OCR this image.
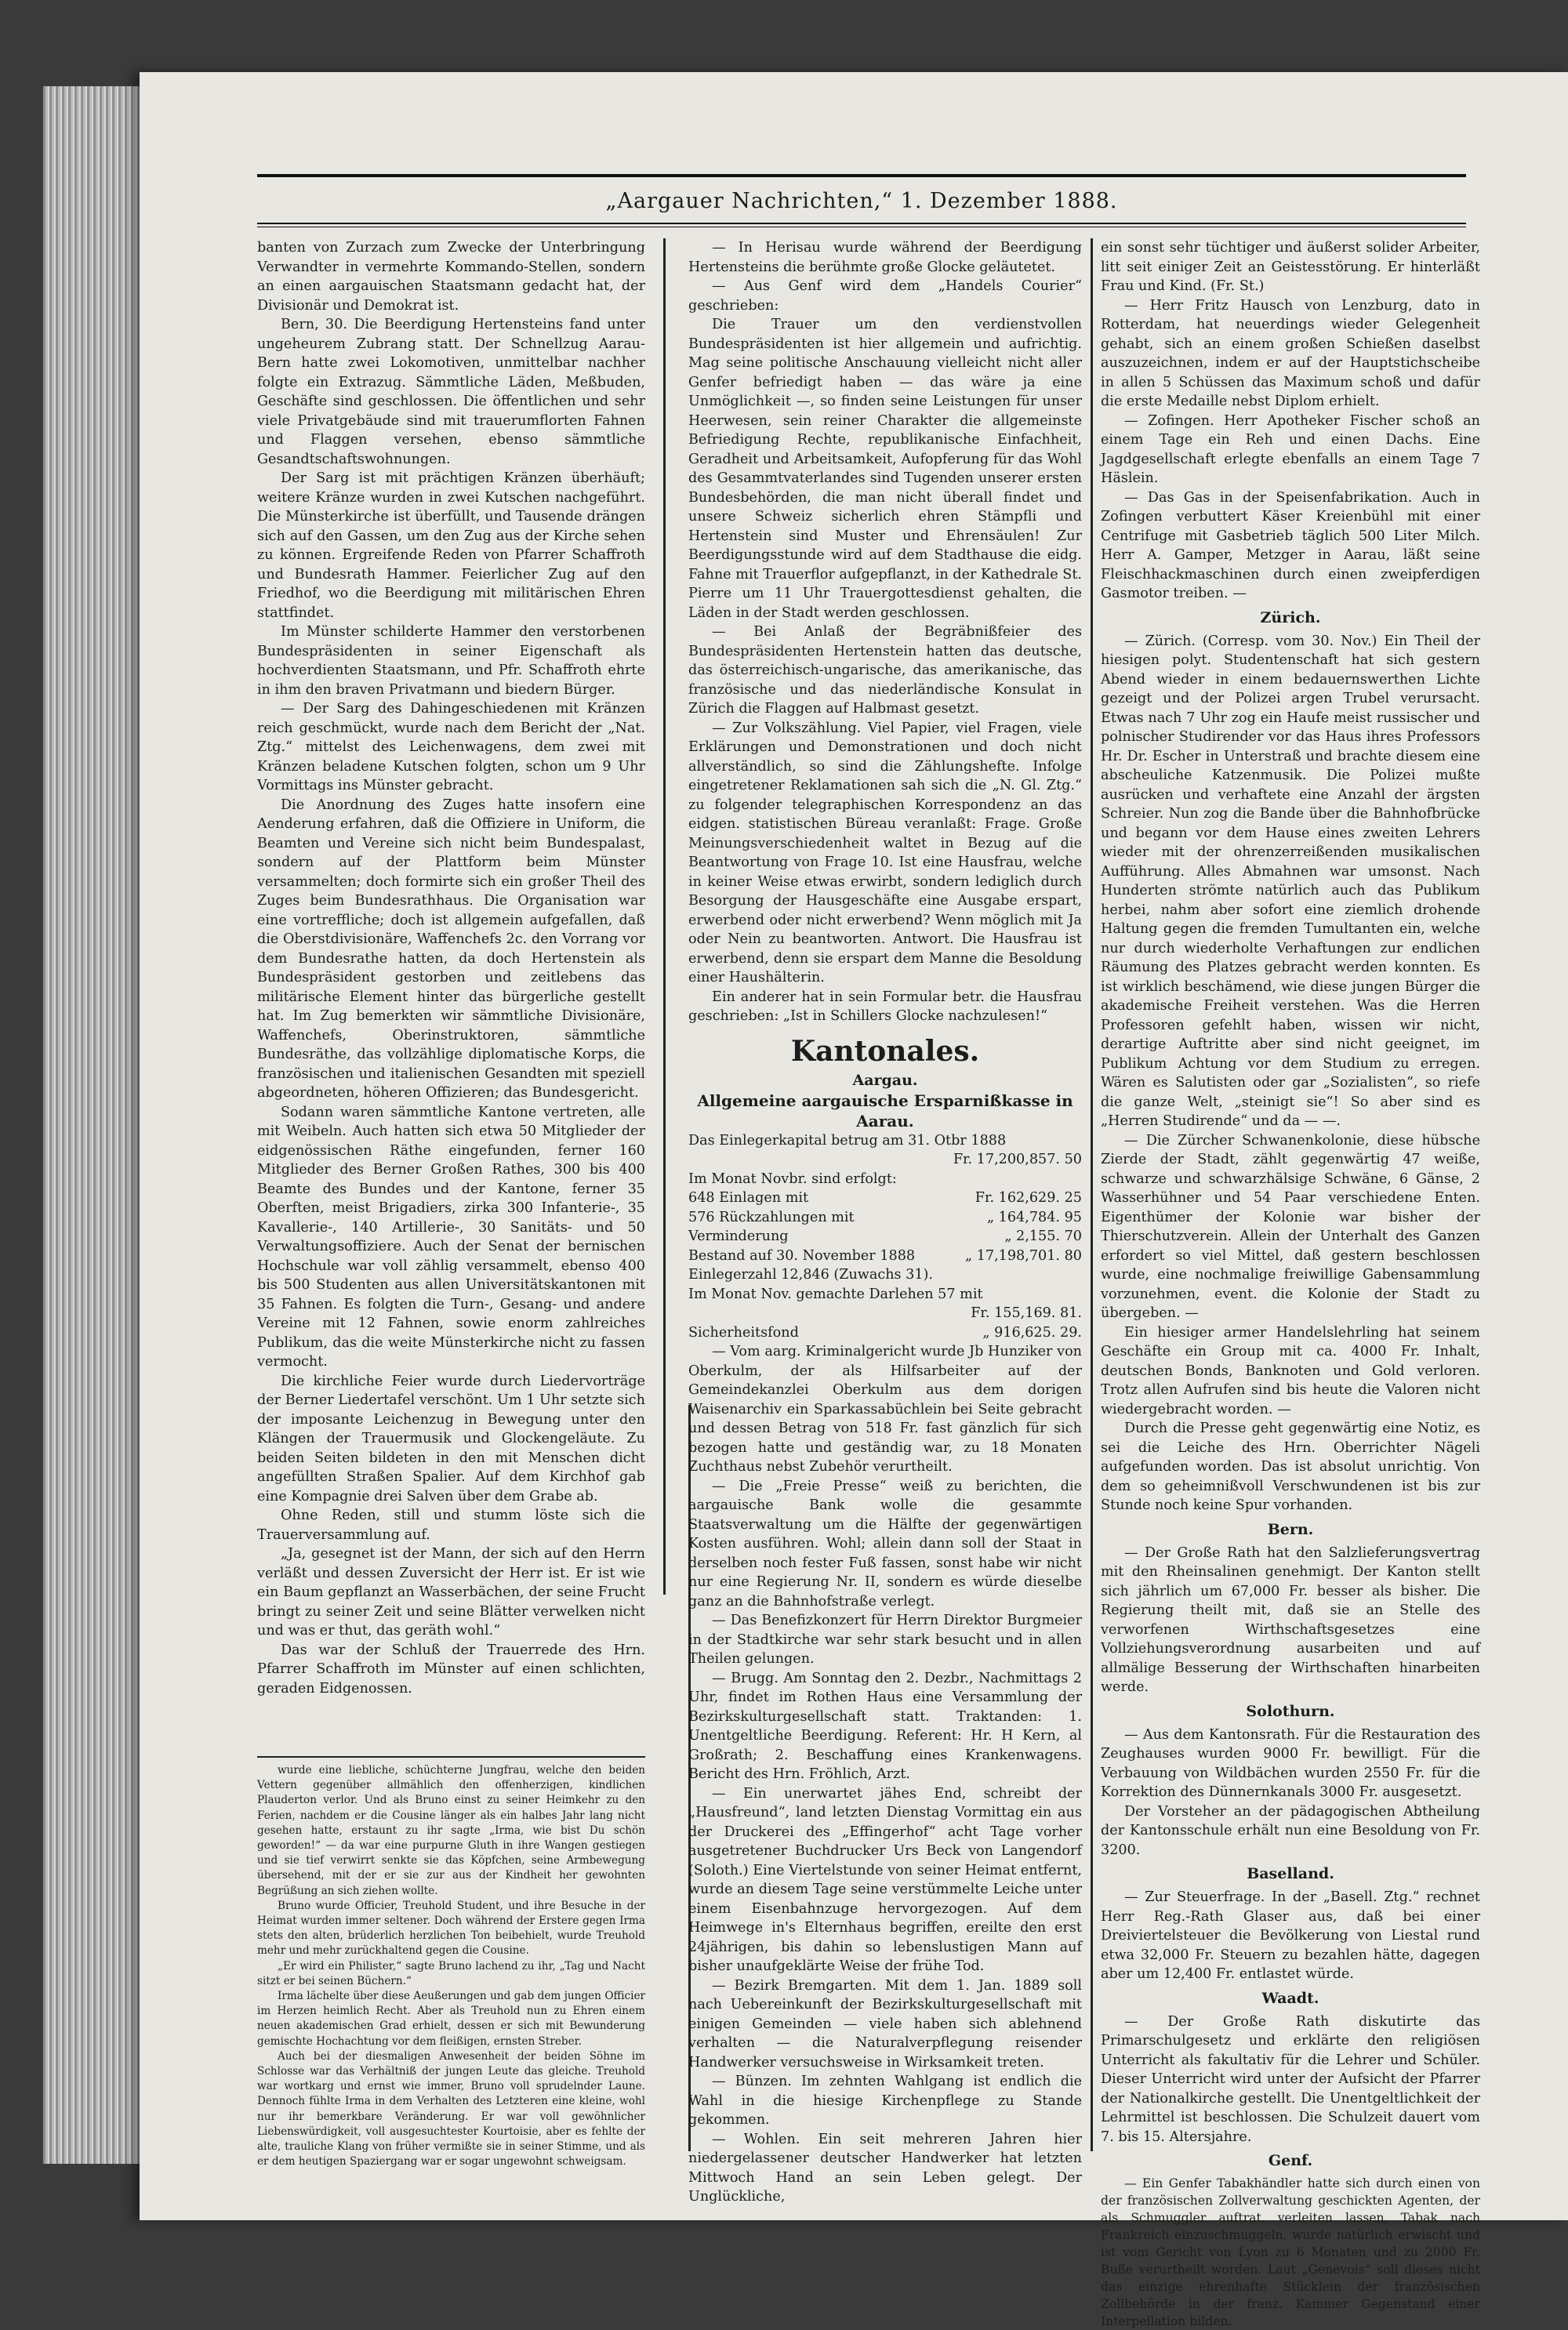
„Aargauer Nachrichten,“ 1. Dezember 1888.

banten von Zurzach zum Zwecke der Unterbringung Verwandter in vermehrte Kommando-Stellen, sondern an einen aargauischen Staatsmann gedacht hat, der Divisionär und Demokrat ist.

Bern, 30. Die Beerdigung Hertensteins fand unter ungeheurem Zubrang statt. Der Schnellzug Aarau-Bern hatte zwei Lokomotiven, unmittelbar nachher folgte ein Extrazug. Sämmtliche Läden, Meßbuden, Geschäfte sind geschlossen. Die öffentlichen und sehr viele Privatgebäude sind mit trauerumflorten Fahnen und Flaggen versehen, ebenso sämmtliche Gesandtschaftswohnungen.

Der Sarg ist mit prächtigen Kränzen überhäuft; weitere Kränze wurden in zwei Kutschen nachgeführt. Die Münsterkirche ist überfüllt, und Tausende drängen sich auf den Gassen, um den Zug aus der Kirche sehen zu können. Ergreifende Reden von Pfarrer Schaffroth und Bundesrath Hammer. Feierlicher Zug auf den Friedhof, wo die Beerdigung mit militärischen Ehren stattfindet.

Im Münster schilderte Hammer den verstorbenen Bundespräsidenten in seiner Eigenschaft als hochverdienten Staatsmann, und Pfr. Schaffroth ehrte in ihm den braven Privatmann und biedern Bürger.

— Der Sarg des Dahingeschiedenen mit Kränzen reich geschmückt, wurde nach dem Bericht der „Nat. Ztg.“ mittelst des Leichenwagens, dem zwei mit Kränzen beladene Kutschen folgten, schon um 9 Uhr Vormittags ins Münster gebracht.

Die Anordnung des Zuges hatte insofern eine Aenderung erfahren, daß die Offiziere in Uniform, die Beamten und Vereine sich nicht beim Bundespalast, sondern auf der Plattform beim Münster versammelten; doch formirte sich ein großer Theil des Zuges beim Bundesrathhaus. Die Organisation war eine vortreffliche; doch ist allgemein aufgefallen, daß die Oberstdivisionäre, Waffenchefs 2c. den Vorrang vor dem Bundesrathe hatten, da doch Hertenstein als Bundespräsident gestorben und zeitlebens das militärische Element hinter das bürgerliche gestellt hat. Im Zug bemerkten wir sämmtliche Divisionäre, Waffenchefs, Oberinstruktoren, sämmtliche Bundesräthe, das vollzählige diplomatische Korps, die französischen und italienischen Gesandten mit speziell abgeordneten, höheren Offizieren; das Bundesgericht.

Sodann waren sämmtliche Kantone vertreten, alle mit Weibeln. Auch hatten sich etwa 50 Mitglieder der eidgenössischen Räthe eingefunden, ferner 160 Mitglieder des Berner Großen Rathes, 300 bis 400 Beamte des Bundes und der Kantone, ferner 35 Oberften, meist Brigadiers, zirka 300 Infanterie-, 35 Kavallerie-, 140 Artillerie-, 30 Sanitäts- und 50 Verwaltungsoffiziere. Auch der Senat der bernischen Hochschule war voll zählig versammelt, ebenso 400 bis 500 Studenten aus allen Universitätskantonen mit 35 Fahnen. Es folgten die Turn-, Gesang- und andere Vereine mit 12 Fahnen, sowie enorm zahlreiches Publikum, das die weite Münsterkirche nicht zu fassen vermocht.

Die kirchliche Feier wurde durch Liedervorträge der Berner Liedertafel verschönt. Um 1 Uhr setzte sich der imposante Leichenzug in Bewegung unter den Klängen der Trauermusik und Glockengeläute. Zu beiden Seiten bildeten in den mit Menschen dicht angefüllten Straßen Spalier. Auf dem Kirchhof gab eine Kompagnie drei Salven über dem Grabe ab.

Ohne Reden, still und stumm löste sich die Trauerversammlung auf.

„Ja, gesegnet ist der Mann, der sich auf den Herrn verläßt und dessen Zuversicht der Herr ist. Er ist wie ein Baum gepflanzt an Wasserbächen, der seine Frucht bringt zu seiner Zeit und seine Blätter verwelken nicht und was er thut, das geräth wohl.“

Das war der Schluß der Trauerrede des Hrn. Pfarrer Schaffroth im Münster auf einen schlichten, geraden Eidgenossen.

wurde eine liebliche, schüchterne Jungfrau, welche den beiden Vettern gegenüber allmählich den offenherzigen, kindlichen Plauderton verlor. Und als Bruno einst zu seiner Heimkehr zu den Ferien, nachdem er die Cousine länger als ein halbes Jahr lang nicht gesehen hatte, erstaunt zu ihr sagte „Irma, wie bist Du schön geworden!“ — da war eine purpurne Gluth in ihre Wangen gestiegen und sie tief verwirrt senkte sie das Köpfchen, seine Armbewegung übersehend, mit der er sie zur aus der Kindheit her gewohnten Begrüßung an sich ziehen wollte.

Bruno wurde Officier, Treuhold Student, und ihre Besuche in der Heimat wurden immer seltener. Doch während der Erstere gegen Irma stets den alten, brüderlich herzlichen Ton beibehielt, wurde Treuhold mehr und mehr zurückhaltend gegen die Cousine.

„Er wird ein Philister,“ sagte Bruno lachend zu ihr, „Tag und Nacht sitzt er bei seinen Büchern.“

Irma lächelte über diese Aeußerungen und gab dem jungen Officier im Herzen heimlich Recht. Aber als Treuhold nun zu Ehren einem neuen akademischen Grad erhielt, dessen er sich mit Bewunderung gemischte Hochachtung vor dem fleißigen, ernsten Streber.

Auch bei der diesmaligen Anwesenheit der beiden Söhne im Schlosse war das Verhältniß der jungen Leute das gleiche. Treuhold war wortkarg und ernst wie immer, Bruno voll sprudelnder Laune. Dennoch fühlte Irma in dem Verhalten des Letzteren eine kleine, wohl nur ihr bemerkbare Veränderung. Er war voll gewöhnlicher Liebenswürdigkeit, voll ausgesuchtester Kourtoisie, aber es fehlte der alte, trauliche Klang von früher vermißte sie in seiner Stimme, und als er dem heutigen Spaziergang war er sogar ungewohnt schweigsam.

— In Herisau wurde während der Beerdigung Hertensteins die berühmte große Glocke geläutetet.

— Aus Genf wird dem „Handels Courier“ geschrieben:

Die Trauer um den verdienstvollen Bundespräsidenten ist hier allgemein und aufrichtig. Mag seine politische Anschauung vielleicht nicht aller Genfer befriedigt haben — das wäre ja eine Unmöglichkeit —, so finden seine Leistungen für unser Heerwesen, sein reiner Charakter die allgemeinste Befriedigung Rechte, republikanische Einfachheit, Geradheit und Arbeitsamkeit, Aufopferung für das Wohl des Gesammtvaterlandes sind Tugenden unserer ersten Bundesbehörden, die man nicht überall findet und unsere Schweiz sicherlich ehren Stämpfli und Hertenstein sind Muster und Ehrensäulen! Zur Beerdigungsstunde wird auf dem Stadthause die eidg. Fahne mit Trauerflor aufgepflanzt, in der Kathedrale St. Pierre um 11 Uhr Trauergottesdienst gehalten, die Läden in der Stadt werden geschlossen.

— Bei Anlaß der Begräbnißfeier des Bundespräsidenten Hertenstein hatten das deutsche, das österreichisch-ungarische, das amerikanische, das französische und das niederländische Konsulat in Zürich die Flaggen auf Halbmast gesetzt.

— Zur Volkszählung. Viel Papier, viel Fragen, viele Erklärungen und Demonstrationen und doch nicht allverständlich, so sind die Zählungshefte. Infolge eingetretener Reklamationen sah sich die „N. Gl. Ztg.“ zu folgender telegraphischen Korrespondenz an das eidgen. statistischen Büreau veranlaßt: Frage. Große Meinungsverschiedenheit waltet in Bezug auf die Beantwortung von Frage 10. Ist eine Hausfrau, welche in keiner Weise etwas erwirbt, sondern lediglich durch Besorgung der Hausgeschäfte eine Ausgabe erspart, erwerbend oder nicht erwerbend? Wenn möglich mit Ja oder Nein zu beantworten. Antwort. Die Hausfrau ist erwerbend, denn sie erspart dem Manne die Besoldung einer Haushälterin.

Ein anderer hat in sein Formular betr. die Hausfrau geschrieben: „Ist in Schillers Glocke nachzulesen!“

Kantonales.
Aargau.
Allgemeine aargauische Ersparnißkasse in Aarau.
Das Einlegerkapital betrug am 31. Otbr 1888
Fr. 17,200,857. 50
Im Monat Novbr. sind erfolgt:
648 Einlagen mit	Fr. 162,629. 25
576 Rückzahlungen mit	„ 164,784. 95
Verminderung	„ 2,155. 70
Bestand auf 30. November 1888	„ 17,198,701. 80
Einlegerzahl 12,846 (Zuwachs 31).
Im Monat Nov. gemachte Darlehen 57 mit
Fr. 155,169. 81.
Sicherheitsfond	„ 916,625. 29.

— Vom aarg. Kriminalgericht wurde Jb Hunziker von Oberkulm, der als Hilfsarbeiter auf der Gemeindekanzlei Oberkulm aus dem dorigen Waisenarchiv ein Sparkassabüchlein bei Seite gebracht und dessen Betrag von 518 Fr. fast gänzlich für sich bezogen hatte und geständig war, zu 18 Monaten Zuchthaus nebst Zubehör verurtheilt.

— Die „Freie Presse“ weiß zu berichten, die aargauische Bank wolle die gesammte Staatsverwaltung um die Hälfte der gegenwärtigen Kosten ausführen. Wohl; allein dann soll der Staat in derselben noch fester Fuß fassen, sonst habe wir nicht nur eine Regierung Nr. II, sondern es würde dieselbe ganz an die Bahnhofstraße verlegt.

— Das Benefizkonzert für Herrn Direktor Burgmeier in der Stadtkirche war sehr stark besucht und in allen Theilen gelungen.

— Brugg. Am Sonntag den 2. Dezbr., Nachmittags 2 Uhr, findet im Rothen Haus eine Versammlung der Bezirkskulturgesellschaft statt. Traktanden: 1. Unentgeltliche Beerdigung. Referent: Hr. H Kern, al Großrath; 2. Beschaffung eines Krankenwagens. Bericht des Hrn. Fröhlich, Arzt.

— Ein unerwartet jähes End, schreibt der „Hausfreund“, land letzten Dienstag Vormittag ein aus der Druckerei des „Effingerhof“ acht Tage vorher ausgetretener Buchdrucker Urs Beck von Langendorf (Soloth.) Eine Viertelstunde von seiner Heimat entfernt, wurde an diesem Tage seine verstümmelte Leiche unter einem Eisenbahnzuge hervorgezogen. Auf dem Heimwege in's Elternhaus begriffen, ereilte den erst 24jährigen, bis dahin so lebenslustigen Mann auf bisher unaufgeklärte Weise der frühe Tod.

— Bezirk Bremgarten. Mit dem 1. Jan. 1889 soll nach Uebereinkunft der Bezirkskulturgesellschaft mit einigen Gemeinden — viele haben sich ablehnend verhalten — die Naturalverpflegung reisender Handwerker versuchsweise in Wirksamkeit treten.

— Bünzen. Im zehnten Wahlgang ist endlich die Wahl in die hiesige Kirchenpflege zu Stande gekommen.

— Wohlen. Ein seit mehreren Jahren hier niedergelassener deutscher Handwerker hat letzten Mittwoch Hand an sein Leben gelegt. Der Unglückliche,

ein sonst sehr tüchtiger und äußerst solider Arbeiter, litt seit einiger Zeit an Geistesstörung. Er hinterläßt Frau und Kind. (Fr. St.)

— Herr Fritz Hausch von Lenzburg, dato in Rotterdam, hat neuerdings wieder Gelegenheit gehabt, sich an einem großen Schießen daselbst auszuzeichnen, indem er auf der Hauptstichscheibe in allen 5 Schüssen das Maximum schoß und dafür die erste Medaille nebst Diplom erhielt.

— Zofingen. Herr Apotheker Fischer schoß an einem Tage ein Reh und einen Dachs. Eine Jagdgesellschaft erlegte ebenfalls an einem Tage 7 Häslein.

— Das Gas in der Speisenfabrikation. Auch in Zofingen verbuttert Käser Kreienbühl mit einer Centrifuge mit Gasbetrieb täglich 500 Liter Milch. Herr A. Gamper, Metzger in Aarau, läßt seine Fleischhackmaschinen durch einen zweipferdigen Gasmotor treiben. —

Zürich.

— Zürich. (Corresp. vom 30. Nov.) Ein Theil der hiesigen polyt. Studentenschaft hat sich gestern Abend wieder in einem bedauernswerthen Lichte gezeigt und der Polizei argen Trubel verursacht. Etwas nach 7 Uhr zog ein Haufe meist russischer und polnischer Studirender vor das Haus ihres Professors Hr. Dr. Escher in Unterstraß und brachte diesem eine abscheuliche Katzenmusik. Die Polizei mußte ausrücken und verhaftete eine Anzahl der ärgsten Schreier. Nun zog die Bande über die Bahnhofbrücke und begann vor dem Hause eines zweiten Lehrers wieder mit der ohrenzerreißenden musikalischen Aufführung. Alles Abmahnen war umsonst. Nach Hunderten strömte natürlich auch das Publikum herbei, nahm aber sofort eine ziemlich drohende Haltung gegen die fremden Tumultanten ein, welche nur durch wiederholte Verhaftungen zur endlichen Räumung des Platzes gebracht werden konnten. Es ist wirklich beschämend, wie diese jungen Bürger die akademische Freiheit verstehen. Was die Herren Professoren gefehlt haben, wissen wir nicht, derartige Auftritte aber sind nicht geeignet, im Publikum Achtung vor dem Studium zu erregen. Wären es Salutisten oder gar „Sozialisten“, so riefe die ganze Welt, „steinigt sie“! So aber sind es „Herren Studirende“ und da — —.

— Die Zürcher Schwanenkolonie, diese hübsche Zierde der Stadt, zählt gegenwärtig 47 weiße, schwarze und schwarzhälsige Schwäne, 6 Gänse, 2 Wasserhühner und 54 Paar verschiedene Enten. Eigenthümer der Kolonie war bisher der Thierschutzverein. Allein der Unterhalt des Ganzen erfordert so viel Mittel, daß gestern beschlossen wurde, eine nochmalige freiwillige Gabensammlung vorzunehmen, event. die Kolonie der Stadt zu übergeben. —

Ein hiesiger armer Handelslehrling hat seinem Geschäfte ein Group mit ca. 4000 Fr. Inhalt, deutschen Bonds, Banknoten und Gold verloren. Trotz allen Aufrufen sind bis heute die Valoren nicht wiedergebracht worden. —

Durch die Presse geht gegenwärtig eine Notiz, es sei die Leiche des Hrn. Oberrichter Nägeli aufgefunden worden. Das ist absolut unrichtig. Von dem so geheimnißvoll Verschwundenen ist bis zur Stunde noch keine Spur vorhanden.

Bern.

— Der Große Rath hat den Salzlieferungsvertrag mit den Rheinsalinen genehmigt. Der Kanton stellt sich jährlich um 67,000 Fr. besser als bisher. Die Regierung theilt mit, daß sie an Stelle des verworfenen Wirthschaftsgesetzes eine Vollziehungsverordnung ausarbeiten und auf allmälige Besserung der Wirthschaften hinarbeiten werde.

Solothurn.

— Aus dem Kantonsrath. Für die Restauration des Zeughauses wurden 9000 Fr. bewilligt. Für die Verbauung von Wildbächen wurden 2550 Fr. für die Korrektion des Dünnernkanals 3000 Fr. ausgesetzt.

Der Vorsteher an der pädagogischen Abtheilung der Kantonsschule erhält nun eine Besoldung von Fr. 3200.

Baselland.

— Zur Steuerfrage. In der „Basell. Ztg.“ rechnet Herr Reg.-Rath Glaser aus, daß bei einer Dreiviertelsteuer die Bevölkerung von Liestal rund etwa 32,000 Fr. Steuern zu bezahlen hätte, dagegen aber um 12,400 Fr. entlastet würde.

Waadt.

— Der Große Rath diskutirte das Primarschulgesetz und erklärte den religiösen Unterricht als fakultativ für die Lehrer und Schüler. Dieser Unterricht wird unter der Aufsicht der Pfarrer der Nationalkirche gestellt. Die Unentgeltlichkeit der Lehrmittel ist beschlossen. Die Schulzeit dauert vom 7. bis 15. Altersjahre.

Genf.

— Ein Genfer Tabakhändler hatte sich durch einen von der französischen Zollverwaltung geschickten Agenten, der als Schmuggler auftrat, verleiten lassen, Tabak nach Frankreich einzuschmuggeln, wurde natürlich erwischt und ist vom Gericht von Lyon zu 6 Monaten und zu 2000 Fr. Buße verurtheilt worden. Laut „Genevois“ soll dieses nicht das einzige ehrenhafte Stücklein der französischen Zollbehörde in der franz. Kammer Gegenstand einer Interpellation bilden.
